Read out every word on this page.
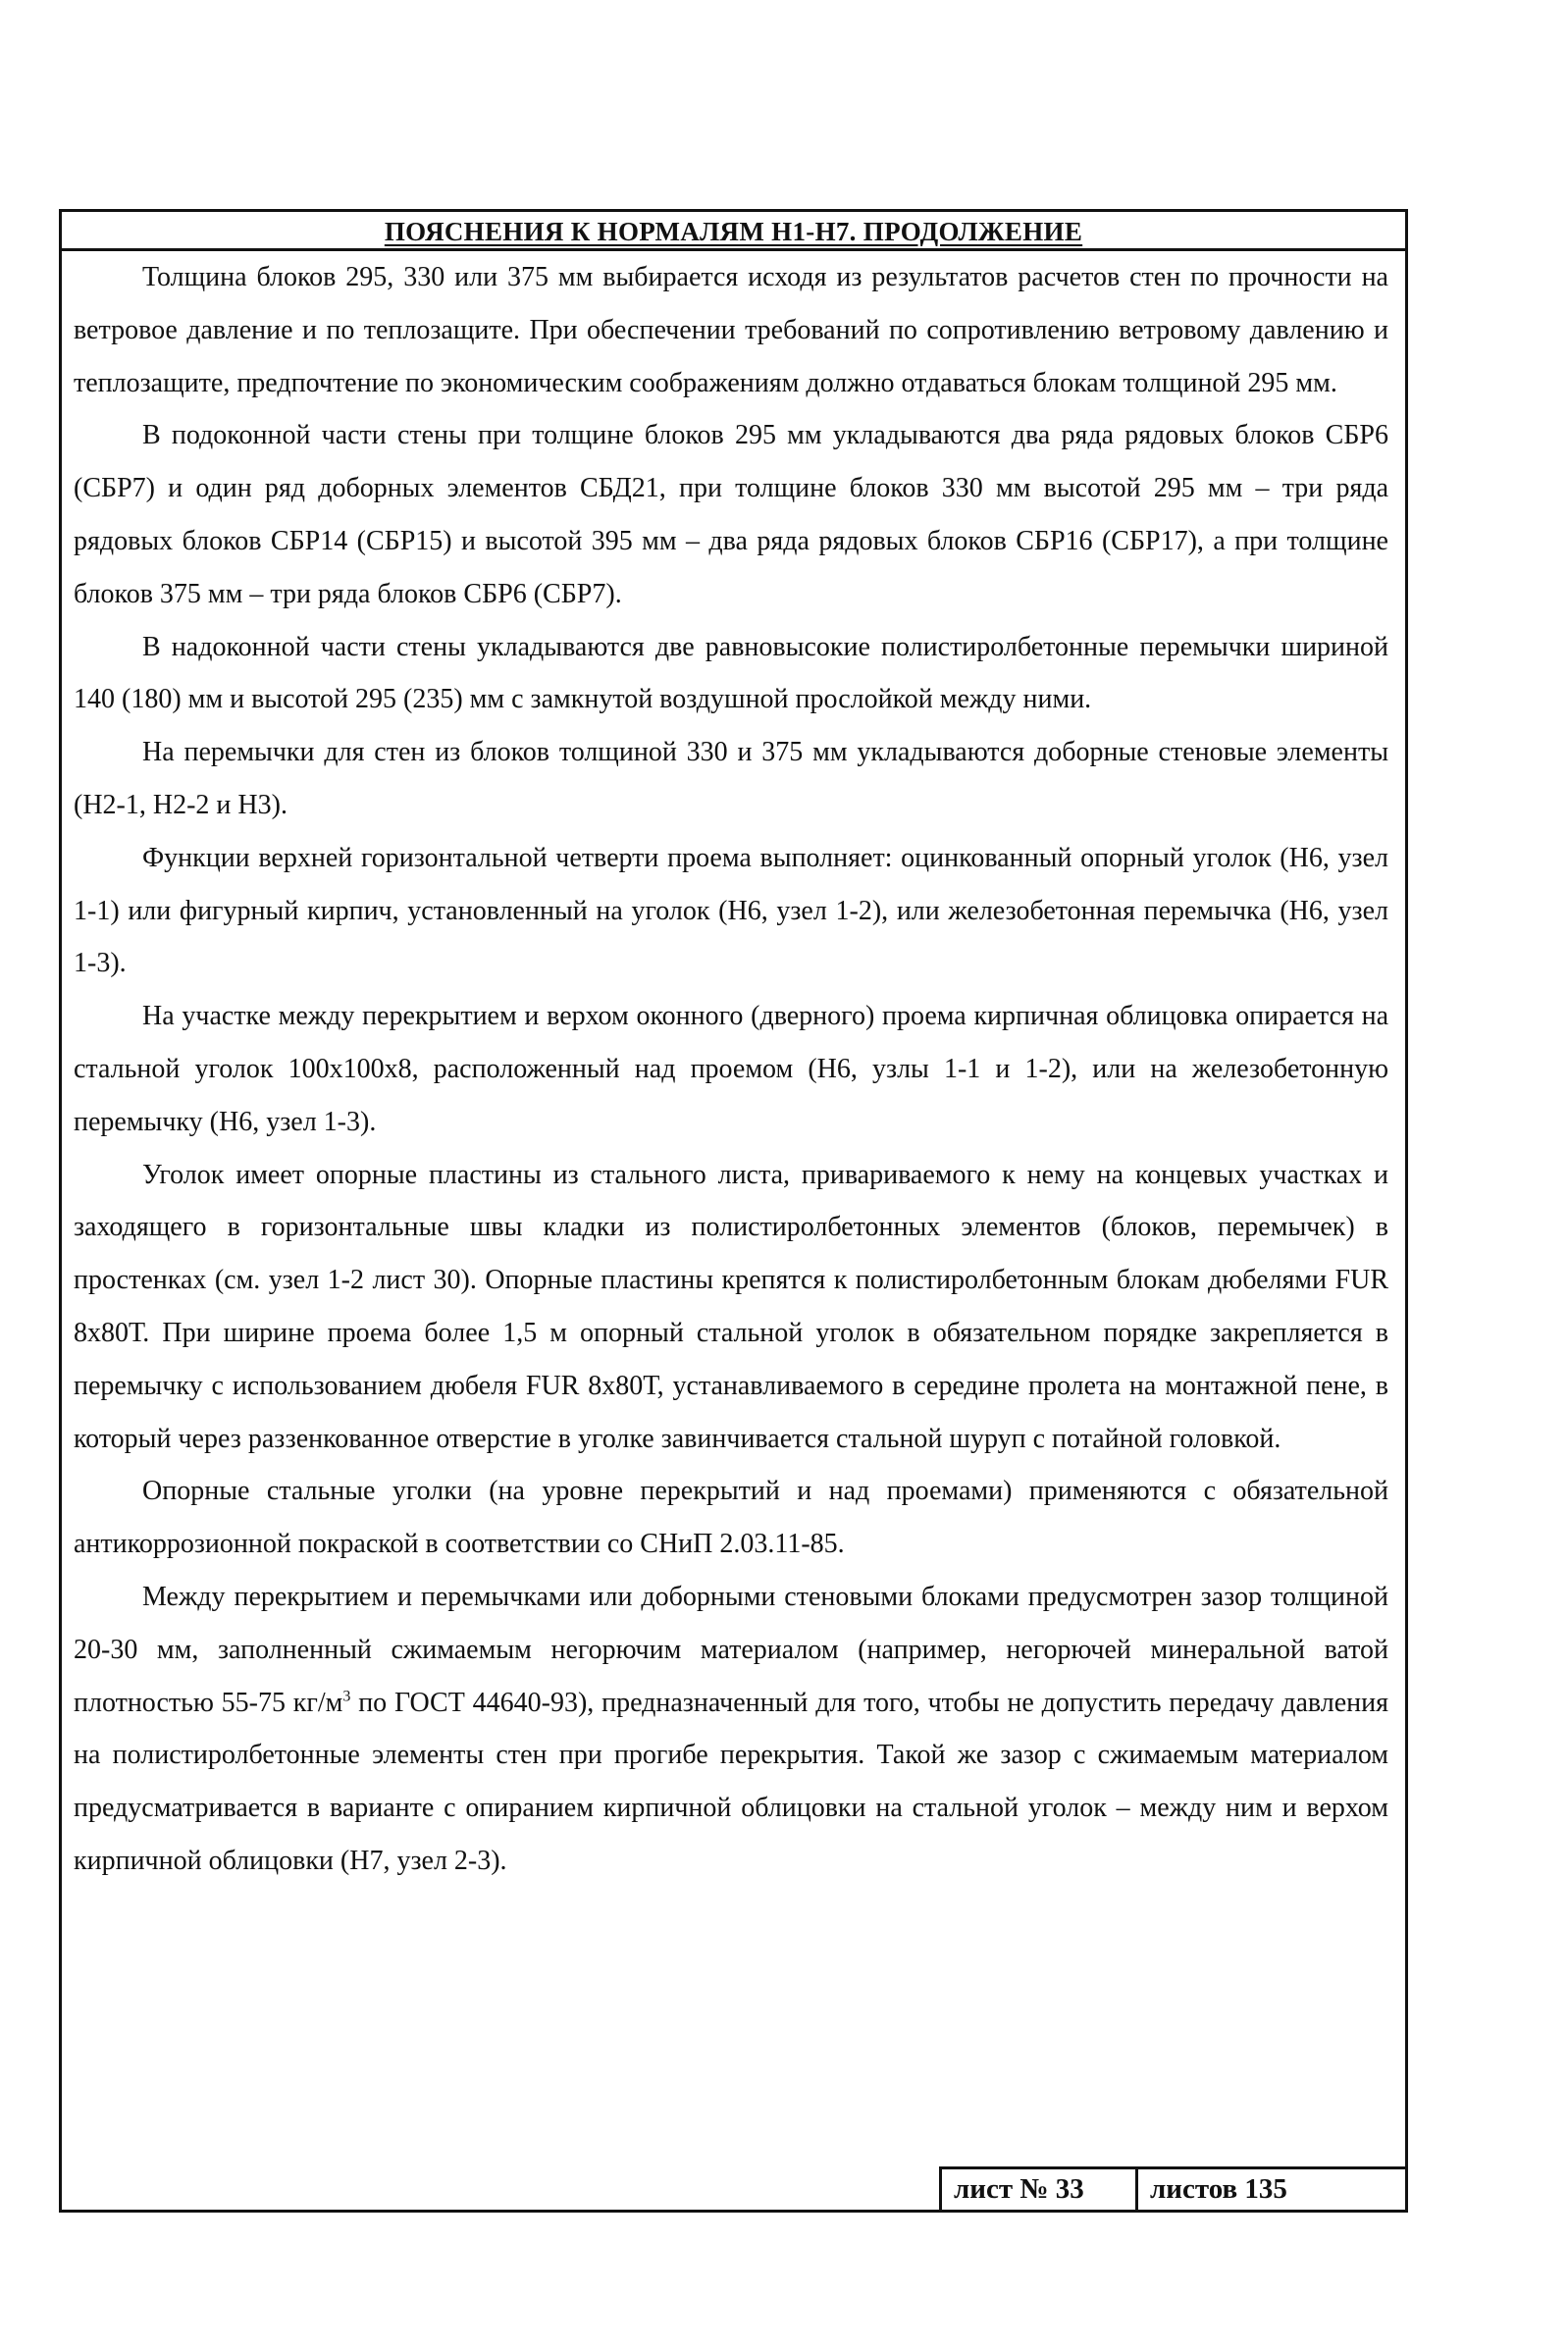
ПОЯСНЕНИЯ К НОРМАЛЯМ Н1-Н7. ПРОДОЛЖЕНИЕ

Толщина блоков 295, 330 или 375 мм выбирается исходя из результатов расчетов стен по прочности на ветровое давление и по теплозащите. При обеспечении требований по сопротивлению ветровому давлению и теплозащите, предпочтение по экономическим соображениям должно отдаваться блокам толщиной 295 мм.

В подоконной части стены при толщине блоков 295 мм укладываются два ряда рядовых блоков СБР6 (СБР7) и один ряд доборных элементов СБД21, при толщине блоков 330 мм высотой 295 мм – три ряда рядовых блоков СБР14 (СБР15) и высотой 395 мм – два ряда рядовых блоков СБР16 (СБР17), а при толщине блоков 375 мм – три ряда блоков СБР6 (СБР7).

В надоконной части стены укладываются две равновысокие полистиролбетонные перемычки шириной 140 (180) мм и высотой 295 (235) мм с замкнутой воздушной прослойкой между ними.

На перемычки для стен из блоков толщиной 330 и 375 мм укладываются доборные стеновые элементы (Н2-1, Н2-2 и Н3).

Функции верхней горизонтальной четверти проема выполняет: оцинкованный опорный уголок (Н6, узел 1-1) или фигурный кирпич, установленный на уголок (Н6, узел 1-2), или железобетонная перемычка (Н6, узел 1-3).

На участке между перекрытием и верхом оконного (дверного) проема кирпичная облицовка опирается на стальной уголок 100х100х8, расположенный над проемом (Н6, узлы 1-1 и 1-2), или на железобетонную перемычку (Н6, узел 1-3).

Уголок имеет опорные пластины из стального листа, привариваемого к нему на концевых участках и заходящего в горизонтальные швы кладки из полистиролбетонных элементов (блоков, перемычек) в простенках (см. узел 1-2 лист 30). Опорные пластины крепятся к полистиролбетонным блокам дюбелями FUR 8х80Т. При ширине проема более 1,5 м опорный стальной уголок в обязательном порядке закрепляется в перемычку с использованием дюбеля FUR 8х80Т, устанавливаемого в середине пролета на монтажной пене, в который через раззенкованное отверстие в уголке завинчивается стальной шуруп с потайной головкой.

Опорные стальные уголки (на уровне перекрытий и над проемами) применяются с обязательной антикоррозионной покраской в соответствии со СНиП 2.03.11-85.

Между перекрытием и перемычками или доборными стеновыми блоками предусмотрен зазор толщиной 20-30 мм, заполненный сжимаемым негорючим материалом (например, негорючей минеральной ватой плотностью 55-75 $кг/м^3$ по ГОСТ 44640-93), предназначенный для того, чтобы не допустить передачу давления на полистиролбетонные элементы стен при прогибе перекрытия. Такой же зазор с сжимаемым материалом предусматривается в варианте с опиранием кирпичной облицовки на стальной уголок – между ним и верхом кирпичной облицовки (Н7, узел 2-3).

лист № 33	листов 135
